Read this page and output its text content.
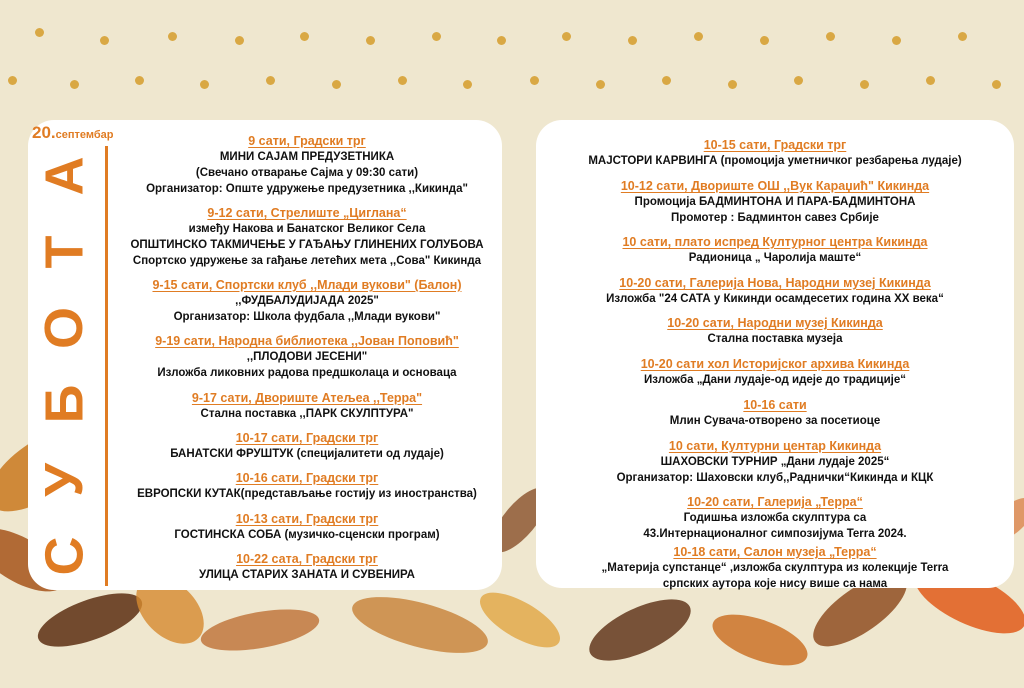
20.септембар
А
Т
О
Б
У
С
9 сати, Градски трг
МИНИ САЈАМ ПРЕДУЗЕТНИКА
(Свечано отварање Сајма у 09:30 сати)
Организатор: Опште удружење предузетника ,,Кикинда"
9-12 сати, Стрелиште „Циглана“
између Накова и Банатског Великог Села
ОПШТИНСКО ТАКМИЧЕЊЕ У ГАЂАЊУ ГЛИНЕНИХ ГОЛУБОВА
Спортско удружење за гађање летећих мета ,,Сова" Кикинда
9-15 сати, Спортски клуб ,,Млади вукови" (Балон)
,,ФУДБАЛУДИЈАДА 2025"
Организатор: Школа фудбала ,,Млади вукови"
9-19 сати, Народна библиотека ,,Јован Поповић"
,,ПЛОДОВИ ЈЕСЕНИ"
Изложба ликовних радова предшколаца и основаца
9-17 сати, Двориште Атељеа ,,Терра"
Стална поставка ,,ПАРК СКУЛПТУРА"
10-17 сати, Градски трг
БАНАТСКИ ФРУШТУК (специјалитети од лудаје)
10-16 сати, Градски трг
ЕВРОПСКИ КУТАК(представљање гостију из иностранства)
10-13 сати, Градски трг
ГОСТИНСКА СОБА (музичко-сценски програм)
10-22 сата, Градски трг
УЛИЦА СТАРИХ ЗАНАТА И СУВЕНИРА
10-15 сати, Градски трг
МАЈСТОРИ КАРВИНГА (промоција уметничког резбарења лудаје)
10-12 сати, Двориште ОШ ,,Вук Караџић" Кикинда
Промоција БАДМИНТОНА И ПАРА-БАДМИНТОНА
Промотер : Бадминтон савез Србије
10 сати, плато испред Културног центра Кикинда
Радионица „ Чаролија маште“
10-20 сати, Галерија Нова, Народни музеј Кикинда
Изложба "24 САТА у Кикинди осамдесетих година ХХ века“
10-20 сати, Народни музеј Кикинда
Стална поставка музеја
10-20 сати хол Историјског архива Кикинда
Изложба „Дани лудаје-од идеје до традиције“
10-16 сати
Млин Сувача-отворено за посетиоце
10 сати, Културни центар Кикинда
ШАХОВСКИ ТУРНИР „Дани лудаје 2025“
Организатор: Шаховски клуб,,Раднички“Кикинда и КЦК
10-20 сати, Галерија „Терра“
Годишња изложба скулптура са
43.Интернационалног симпозијума Terra 2024.
10-18 сати, Салон музеја „Терра“
„Материја супстанце“ ,изложба скулптура из колекције Terra
српских аутора које нису више са нама
